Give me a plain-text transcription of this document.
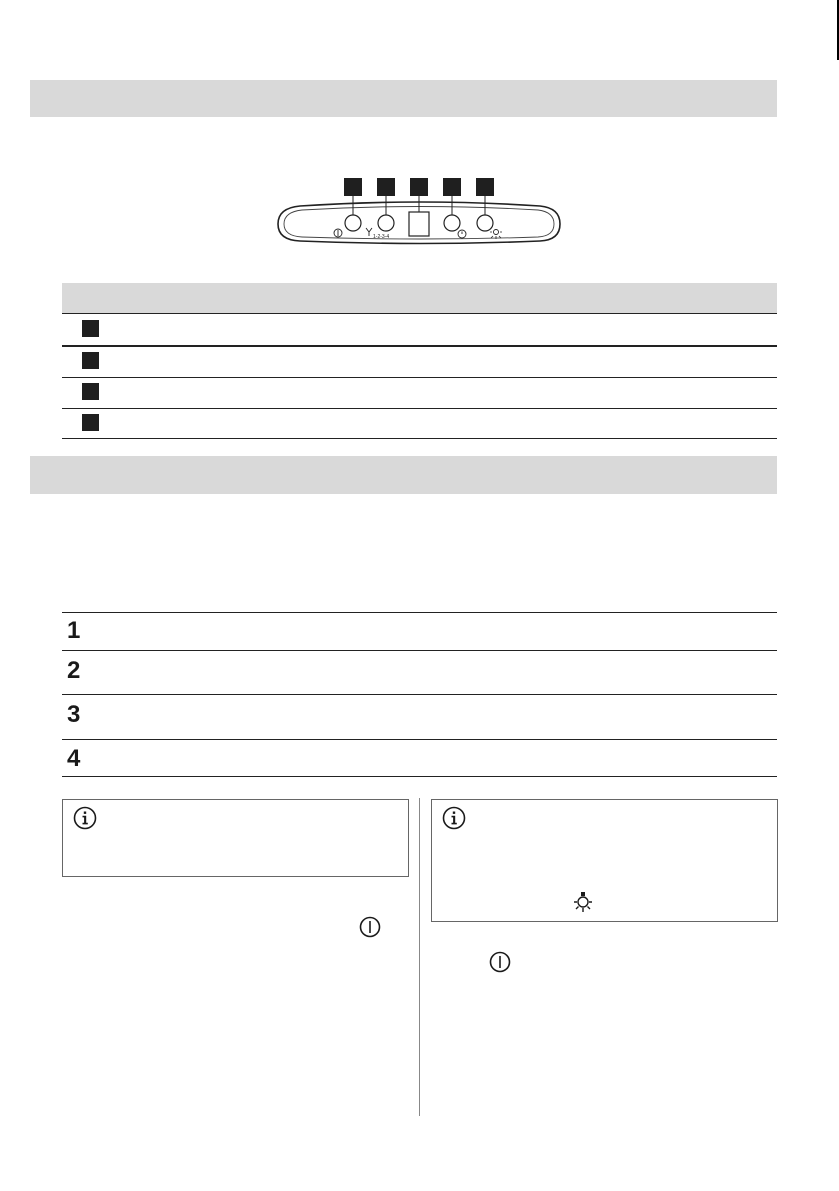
1-2-3-4
1
2
3
4
